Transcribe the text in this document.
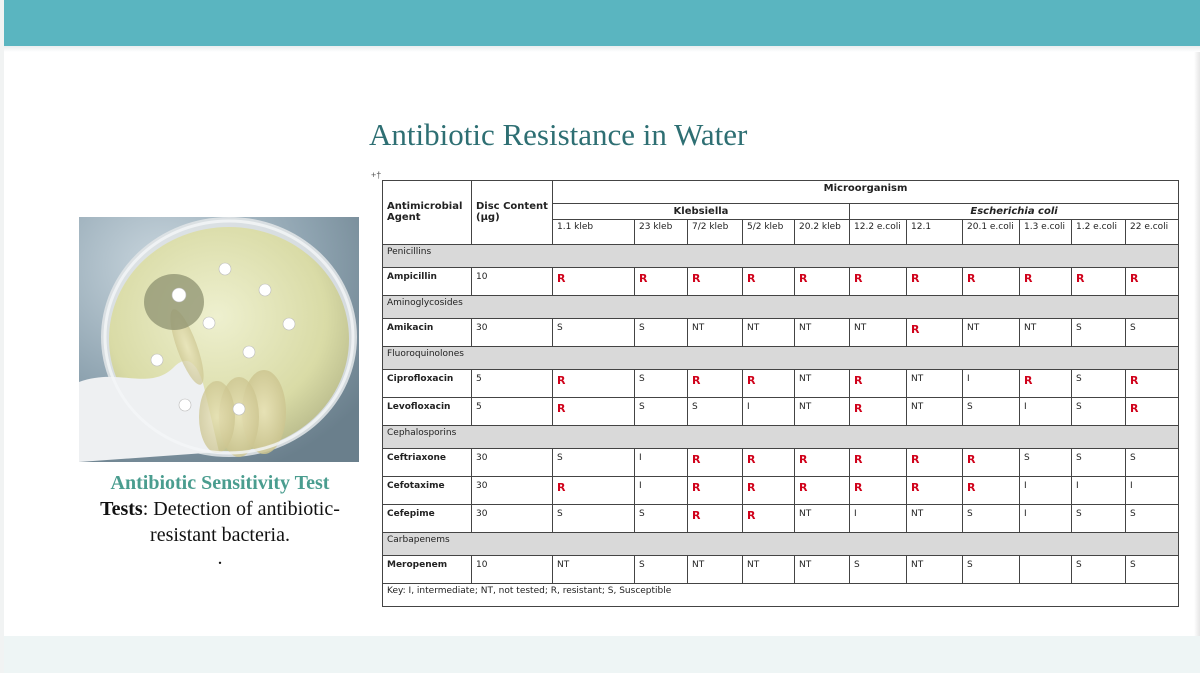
Antibiotic Resistance in Water
+†
Antibiotic Sensitivity Test
Tests: Detection of antibiotic-
resistant bacteria.
.
Antimicrobial Agent	Disc Content (µg)	Microorganism										
		Klebsiella					Escherichia coli					
		1.1 kleb	23 kleb	7/2 kleb	5/2 kleb	20.2 kleb	12.2 e.coli	12.1	20.1 e.coli	1.3 e.coli	1.2 e.coli	22 e.coli
Penicillins												
Ampicillin	10	R	R	R	R	R	R	R	R	R	R	R
Aminoglycosides												
Amikacin	30	S	S	NT	NT	NT	NT	R	NT	NT	S	S
Fluoroquinolones												
Ciprofloxacin	5	R	S	R	R	NT	R	NT	I	R	S	R
Levofloxacin	5	R	S	S	I	NT	R	NT	S	I	S	R
Cephalosporins												
Ceftriaxone	30	S	I	R	R	R	R	R	R	S	S	S
Cefotaxime	30	R	I	R	R	R	R	R	R	I	I	I
Cefepime	30	S	S	R	R	NT	I	NT	S	I	S	S
Carbapenems												
Meropenem	10	NT	S	NT	NT	NT	S	NT	S		S	S
Key: I, intermediate; NT, not tested; R, resistant; S, Susceptible												
